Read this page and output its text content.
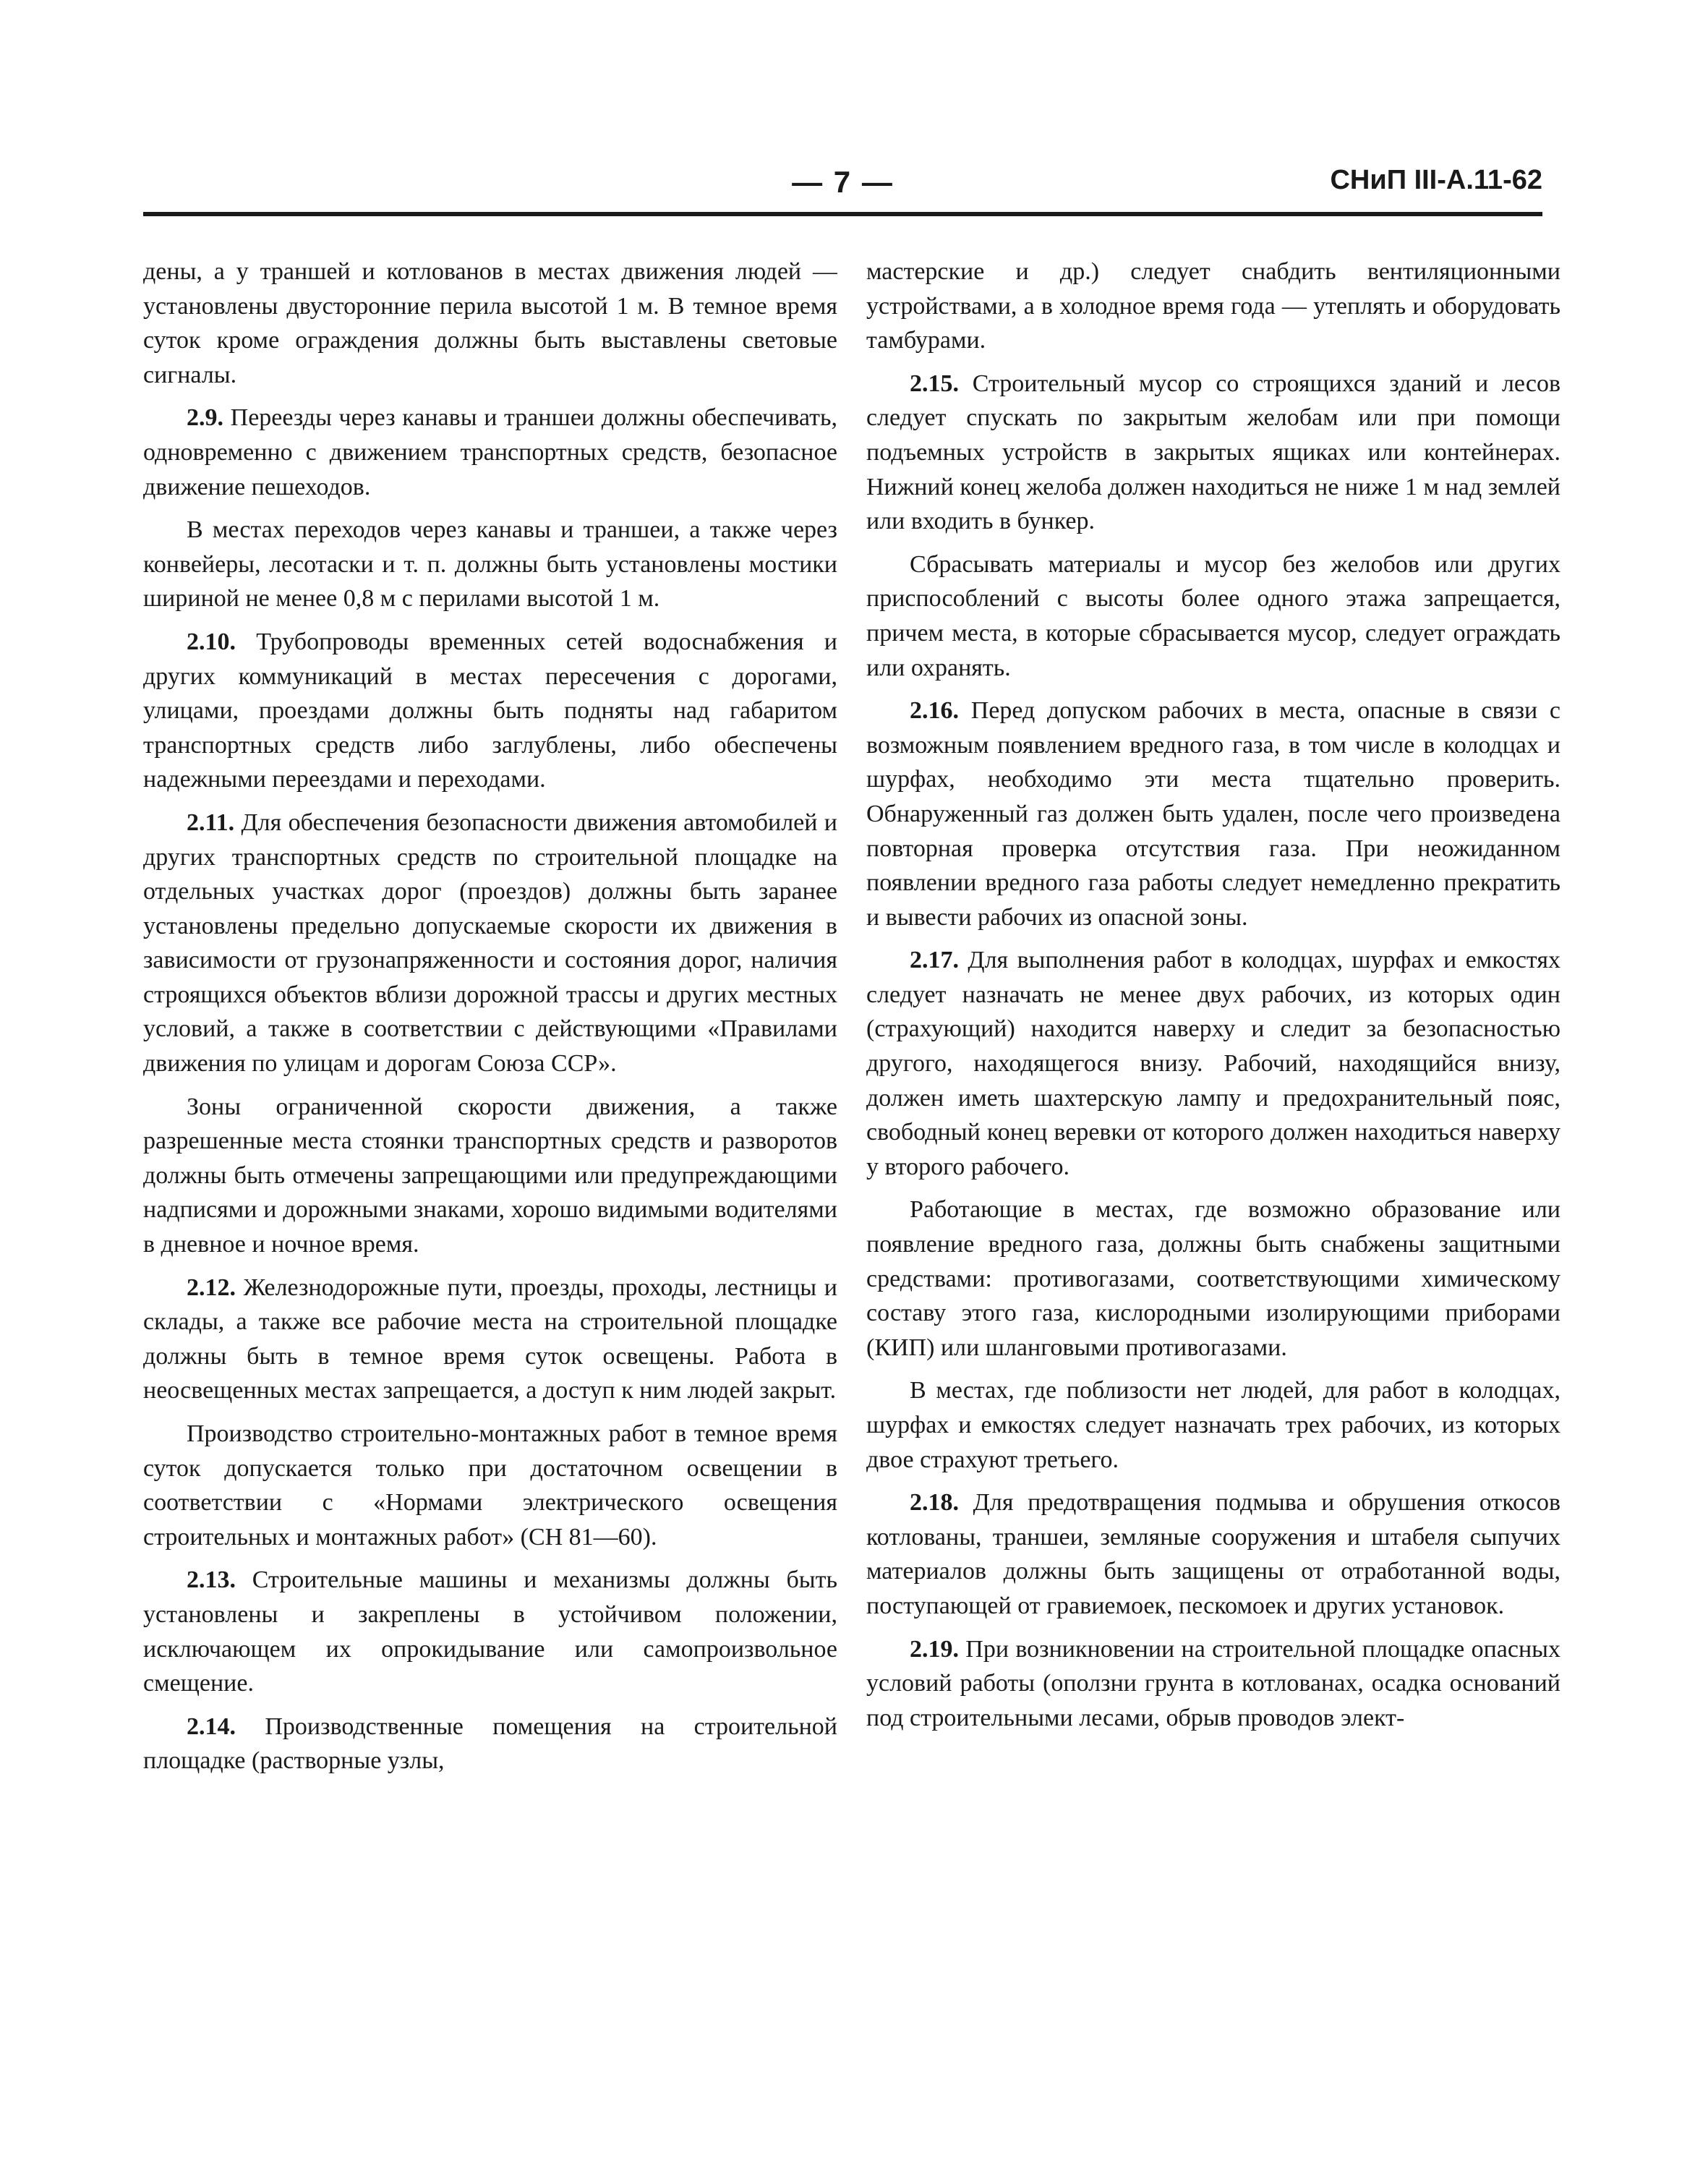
— 7 —	СНиП III-А.11-62

дены, а у траншей и котлованов в местах движения людей — установлены двусторонние перила высотой 1 м. В темное время суток кроме ограждения должны быть выставлены световые сигналы.

2.9. Переезды через канавы и траншеи должны обеспечивать, одновременно с движением транспортных средств, безопасное движение пешеходов.

В местах переходов через канавы и траншеи, а также через конвейеры, лесотаски и т. п. должны быть установлены мостики шириной не менее 0,8 м с перилами высотой 1 м.

2.10. Трубопроводы временных сетей водоснабжения и других коммуникаций в местах пересечения с дорогами, улицами, проездами должны быть подняты над габаритом транспортных средств либо заглублены, либо обеспечены надежными переездами и переходами.

2.11. Для обеспечения безопасности движения автомобилей и других транспортных средств по строительной площадке на отдельных участках дорог (проездов) должны быть заранее установлены предельно допускаемые скорости их движения в зависимости от грузонапряженности и состояния дорог, наличия строящихся объектов вблизи дорожной трассы и других местных условий, а также в соответствии с действующими «Правилами движения по улицам и дорогам Союза ССР».

Зоны ограниченной скорости движения, а также разрешенные места стоянки транспортных средств и разворотов должны быть отмечены запрещающими или предупреждающими надписями и дорожными знаками, хорошо видимыми водителями в дневное и ночное время.

2.12. Железнодорожные пути, проезды, проходы, лестницы и склады, а также все рабочие места на строительной площадке должны быть в темное время суток освещены. Работа в неосвещенных местах запрещается, а доступ к ним людей закрыт.

Производство строительно-монтажных работ в темное время суток допускается только при достаточном освещении в соответствии с «Нормами электрического освещения строительных и монтажных работ» (СН 81—60).

2.13. Строительные машины и механизмы должны быть установлены и закреплены в устойчивом положении, исключающем их опрокидывание или самопроизвольное смещение.

2.14. Производственные помещения на строительной площадке (растворные узлы,

мастерские и др.) следует снабдить вентиляционными устройствами, а в холодное время года — утеплять и оборудовать тамбурами.

2.15. Строительный мусор со строящихся зданий и лесов следует спускать по закрытым желобам или при помощи подъемных устройств в закрытых ящиках или контейнерах. Нижний конец желоба должен находиться не ниже 1 м над землей или входить в бункер.

Сбрасывать материалы и мусор без желобов или других приспособлений с высоты более одного этажа запрещается, причем места, в которые сбрасывается мусор, следует ограждать или охранять.

2.16. Перед допуском рабочих в места, опасные в связи с возможным появлением вредного газа, в том числе в колодцах и шурфах, необходимо эти места тщательно проверить. Обнаруженный газ должен быть удален, после чего произведена повторная проверка отсутствия газа. При неожиданном появлении вредного газа работы следует немедленно прекратить и вывести рабочих из опасной зоны.

2.17. Для выполнения работ в колодцах, шурфах и емкостях следует назначать не менее двух рабочих, из которых один (страхующий) находится наверху и следит за безопасностью другого, находящегося внизу. Рабочий, находящийся внизу, должен иметь шахтерскую лампу и предохранительный пояс, свободный конец веревки от которого должен находиться наверху у второго рабочего.

Работающие в местах, где возможно образование или появление вредного газа, должны быть снабжены защитными средствами: противогазами, соответствующими химическому составу этого газа, кислородными изолирующими приборами (КИП) или шланговыми противогазами.

В местах, где поблизости нет людей, для работ в колодцах, шурфах и емкостях следует назначать трех рабочих, из которых двое страхуют третьего.

2.18. Для предотвращения подмыва и обрушения откосов котлованы, траншеи, земляные сооружения и штабеля сыпучих материалов должны быть защищены от отработанной воды, поступающей от гравиемоек, пескомоек и других установок.

2.19. При возникновении на строительной площадке опасных условий работы (оползни грунта в котлованах, осадка оснований под строительными лесами, обрыв проводов элект-
